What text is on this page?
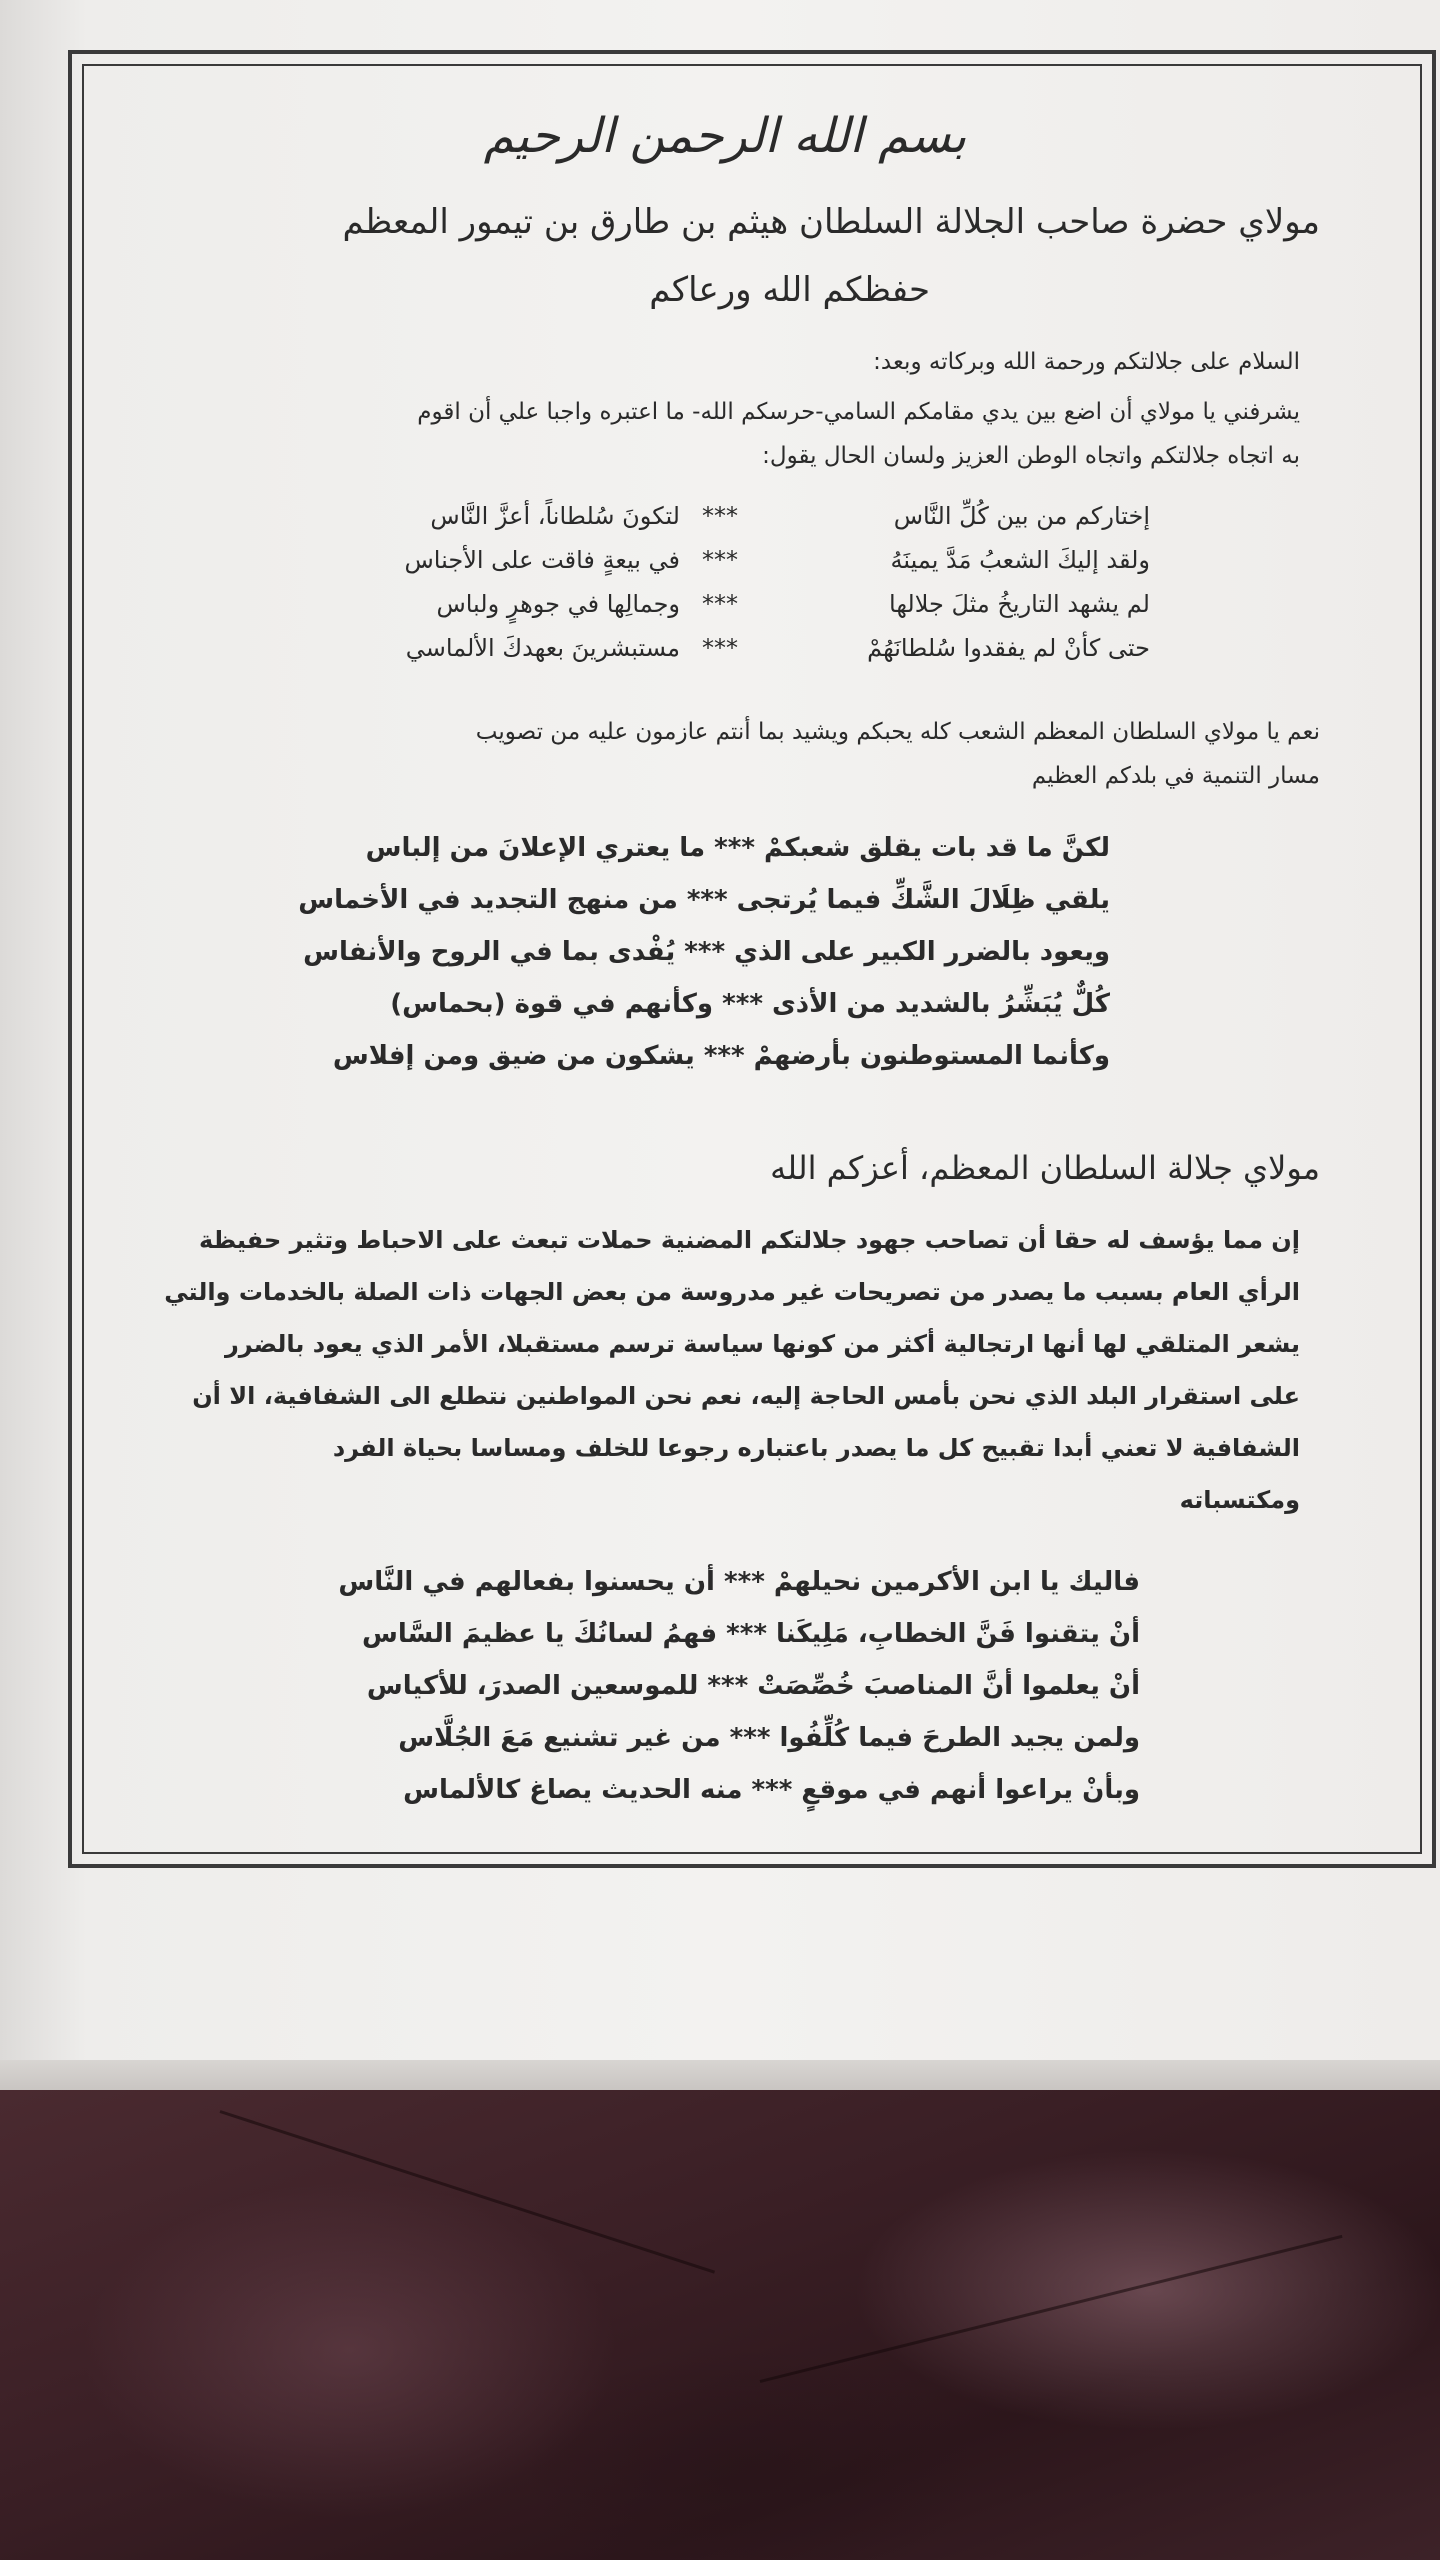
بسم الله الرحمن الرحيم
مولاي حضرة صاحب الجلالة السلطان هيثم بن طارق بن تيمور المعظم
حفظكم الله ورعاكم
السلام على جلالتكم ورحمة الله وبركاته وبعد:
يشرفني يا مولاي أن اضع بين يدي مقامكم السامي-حرسكم الله- ما اعتبره واجبا علي أن اقوم
به اتجاه جلالتكم واتجاه الوطن العزيز ولسان الحال يقول:
إختاركم من بين كُلِّ النَّاس
***
لتكونَ سُلطاناً، أعزَّ النَّاس
ولقد إليكَ الشعبُ مَدَّ يمينَهُ
***
في بيعةٍ فاقت على الأجناس
لم يشهد التاريخُ مثلَ جلالها
***
وجمالِها في جوهرٍ ولباس
حتى كأنْ لم يفقدوا سُلطانَهُمْ
***
مستبشرينَ بعهدكَ الألماسي
نعم يا مولاي السلطان المعظم الشعب كله يحبكم ويشيد بما أنتم عازمون عليه من تصويب
مسار التنمية في بلدكم العظيم
لكنَّ ما قد بات يقلق شعبكمْ *** ما يعتري الإعلانَ من إلباس
يلقي ظِلَالَ الشَّكِّ فيما يُرتجى *** من منهج التجديد في الأخماس
ويعود بالضرر الكبير على الذي *** يُفْدى بما في الروح والأنفاس
كُلٌّ يُبَشِّرُ بالشديد من الأذى *** وكأنهم في قوة (بحماس)
وكأنما المستوطنون بأرضهمْ *** يشكون من ضيق ومن إفلاس
مولاي جلالة السلطان المعظم، أعزكم الله
إن مما يؤسف له حقا أن تصاحب جهود جلالتكم المضنية حملات تبعث على الاحباط وتثير حفيظة
الرأي العام بسبب ما يصدر من تصريحات غير مدروسة من بعض الجهات ذات الصلة بالخدمات والتي
يشعر المتلقي لها أنها ارتجالية أكثر من كونها سياسة ترسم مستقبلا، الأمر الذي يعود بالضرر
على استقرار البلد الذي نحن بأمس الحاجة إليه، نعم نحن المواطنين نتطلع الى الشفافية، الا أن
الشفافية لا تعني أبدا تقبيح كل ما يصدر باعتباره رجوعا للخلف ومساسا بحياة الفرد
ومكتسباته
فاليك يا ابن الأكرمين نحيلهمْ *** أن يحسنوا بفعالهم في النَّاس
أنْ يتقنوا فَنَّ الخطابِ، مَلِيكَنا *** فهمُ لسانُكَ يا عظيمَ السَّاس
أنْ يعلموا أنَّ المناصبَ خُصِّصَتْ *** للموسعين الصدرَ، للأكياس
ولمن يجيد الطرحَ فيما كُلِّفُوا *** من غير تشنيع مَعَ الجُلَّاس
وبأنْ يراعوا أنهم في موقعٍ *** منه الحديث يصاغ كالألماس
